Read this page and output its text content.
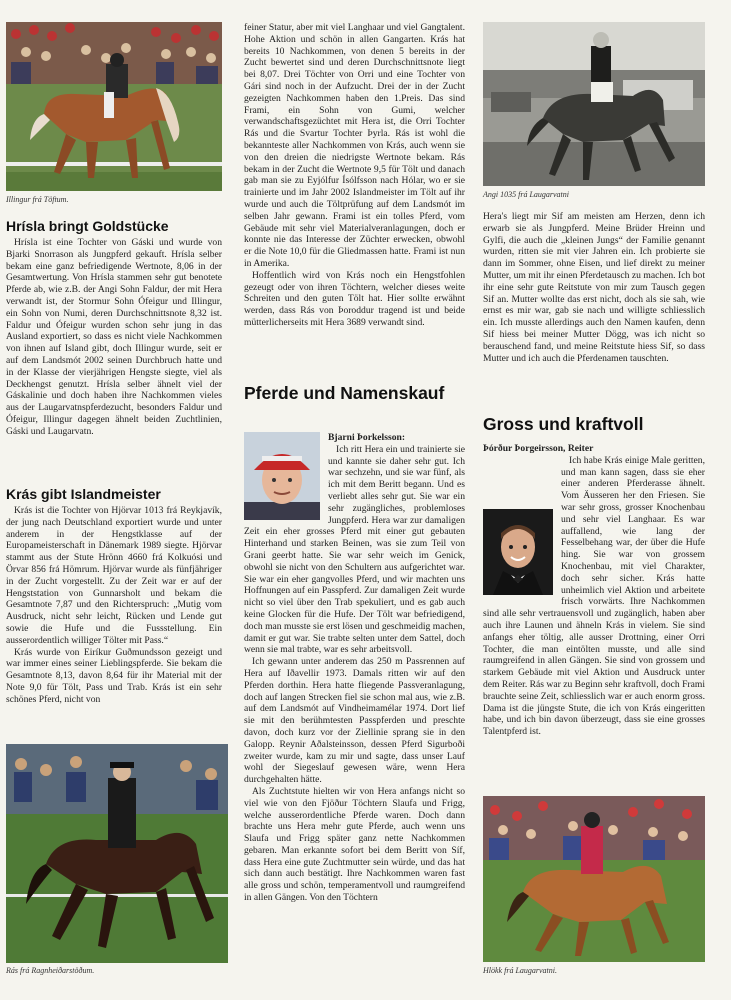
Illingur frá Töftum.

Hrísla bringt Goldstücke

Hrísla ist eine Tochter von Gáski und wurde von Bjarki Snorrason als Jungpferd gekauft. Hrísla selber bekam eine ganz befriedigende Wertnote, 8,06 in der Gesamtwertung. Von Hrísla stammen sehr gut benotete Pferde ab, wie z.B. der Angi Sohn Faldur, der mit Hera verwandt ist, der Stormur Sohn Ófeigur und Illingur, ein Sohn von Numi, deren Durchschnittsnote 8,32 ist. Faldur und Ófeigur wurden schon sehr jung in das Ausland exportiert, so dass es nicht viele Nachkommen von ihnen auf Island gibt, doch Illingur wurde, seit er auf dem Landsmót 2002 seinen Durchbruch hatte und in der Klasse der vierjährigen Hengste siegte, viel als Deckhengst genutzt. Hrísla selber ähnelt viel der Gáskalinie und doch haben ihre Nachkommen vieles aus der Laugarvatnspferdezucht, besonders Faldur und Ófeigur, Illingur dagegen ähnelt beiden Zuchtlinien, Gáski und Laugarvatn.

Krás gibt Islandmeister

Krás ist die Tochter von Hjörvar 1013 frá Reykjavík, der jung nach Deutschland exportiert wurde und unter anderem in der Hengstklasse auf der Europameisterschaft in Dänemark 1989 siegte. Hjörvar stammt aus der Stute Hrönn 4660 frá Kolkuósi und Örvar 856 frá Hömrum. Hjörvar wurde als fünfjähriger in der Zucht vorgestellt. Zu der Zeit war er auf der Hengststation von Gunnarsholt und bekam die Gesamtnote 7,87 und den Richterspruch: „Mutig vom Ausdruck, nicht sehr leicht, Rücken und Lende gut sowie die Hufe und die Fussstellung. Ein ausserordentlich williger Tölter mit Pass.“

Krás wurde von Eiríkur Guðmundsson gezeigt und war immer eines seiner Lieblingspferde. Sie bekam die Gesamtnote 8,13, davon 8,64 für ihr Material mit der Note 9,0 für Tölt, Pass und Trab. Krás ist ein sehr schönes Pferd, nicht von

Rás frá Ragnheiðarstöðum.

feiner Statur, aber mit viel Langhaar und viel Gangtalent. Hohe Aktion und schön in allen Gangarten. Krás hat bereits 10 Nachkommen, von denen 5 bereits in der Zucht bewertet sind und deren Durchschnittsnote liegt bei 8,07. Drei Töchter von Orri und eine Tochter von Gári sind noch in der Aufzucht. Drei der in der Zucht gezeigten Nachkommen haben den 1.Preis. Das sind Frami, ein Sohn von Gumi, welcher verwandschaftsgezüchtet mit Hera ist, die Orri Tochter Rás und die Svartur Tochter Þyrla. Rás ist wohl die bekannteste aller Nachkommen von Krás, auch wenn sie von den dreien die niedrigste Wertnote bekam. Rás bekam in der Zucht die Wertnote 9,5 für Tölt und danach gab man sie zu Eyjólfur Ísólfsson nach Hólar, wo er sie trainierte und im Jahr 2002 Islandmeister im Tölt auf ihr wurde und auch die Töltprüfung auf dem Landsmót im selben Jahr gewann. Frami ist ein tolles Pferd, vom Gebäude mit sehr viel Materialveranlagungen, doch er konnte nie das Interesse der Züchter erwecken, obwohl er die Note 10,0 für die Gliedmassen hatte. Frami ist nun in Amerika.

Hoffentlich wird von Krás noch ein Hengstfohlen gezeugt oder von ihren Töchtern, welcher dieses weite Schreiten und den guten Tölt hat. Hier sollte erwähnt werden, dass Rás von Þoroddur tragend ist und beide mütterlicherseits mit Hera 3689 verwandt sind.

Pferde und Namenskauf

Bjarni Þorkelsson:

Ich ritt Hera ein und trainierte sie und kannte sie daher sehr gut. Ich war sechzehn, und sie war fünf, als ich mit dem Beritt begann. Und es verliebt alles sehr gut. Sie war ein sehr zugängliches, problemloses Jungpferd. Hera war zur damaligen Zeit ein eher grosses Pferd mit einer gut gebauten Hinterhand und starken Beinen, was sie zum Teil von Grani geerbt hatte. Sie war sehr weich im Genick, obwohl sie nicht von den Schultern aus aufgerichtet war. Sie war ein eher gangvolles Pferd, und wir machten uns Hoffnungen auf ein Passpferd. Zur damaligen Zeit wurde nicht so viel über den Trab spekuliert, und es gab auch keine Glocken für die Hufe. Der Tölt war befriedigend, doch man musste sie erst lösen und geschmeidig machen, damit er gut war. Sie trabte selten unter dem Sattel, doch wenn sie mal trabte, war es sehr arbeitsvoll.

Ich gewann unter anderem das 250 m Passrennen auf Hera auf Iðavellir 1973. Damals ritten wir auf den Pferden dorthin. Hera hatte fliegende Passveranlagung, doch auf langen Strecken fiel sie schon mal aus, wie z.B. auf dem Landsmót auf Vindheimamélar 1974. Dort lief sie mit den berühmtesten Passpferden und preschte davon, doch kurz vor der Ziellinie sprang sie in den Galopp. Reynir Aðalsteinsson, dessen Pferd Sigurboði zweiter wurde, kam zu mir und sagte, dass unser Lauf wohl der Siegeslauf gewesen wäre, wenn Hera durchgehalten hätte.

Als Zuchtstute hielten wir von Hera anfangs nicht so viel wie von den Fjöður Töchtern Slaufa und Frigg, welche ausserordentliche Pferde waren. Doch dann brachte uns Hera mehr gute Pferde, auch wenn uns Slaufa und Frigg später ganz nette Nachkommen gebaren. Man erkannte sofort bei dem Beritt von Síf, dass Hera eine gute Zuchtmutter sein würde, und das hat sich dann auch bestätigt. Ihre Nachkommen waren fast alle gross und schön, temperamentvoll und raumgreifend in allen Gängen. Von den Töchtern

Angi 1035 frá Laugarvatni

Hera's liegt mir Sif am meisten am Herzen, denn ich erwarb sie als Jungpferd. Meine Brüder Hreinn und Gylfi, die auch die „kleinen Jungs“ der Familie genannt wurden, ritten sie mit vier Jahren ein. Ich probierte sie dann im Sommer, ohne Eisen, und lief direkt zu meiner Mutter, um mit ihr einen Pferdetausch zu machen. Ich bot ihr eine sehr gute Reitstute von mir zum Tausch gegen Sif an. Mutter wollte das erst nicht, doch als sie sah, wie ernst es mir war, gab sie nach und willigte schliesslich ein. Ich musste allerdings auch den Namen kaufen, denn Sif hiess bei meiner Mutter Dögg, was ich nicht so berauschend fand, und meine Reitstute hiess Sif, so dass Mutter und ich auch die Pferdenamen tauschten.

Gross und kraftvoll

Þórður Þorgeirsson, Reiter

Ich habe Krás einige Male geritten, und man kann sagen, dass sie eher einer anderen Pferderasse ähnelt. Vom Äusseren her den Friesen. Sie war sehr gross, grosser Knochenbau und sehr viel Langhaar. Es war auffallend, wie lang der Fesselbehang war, der über die Hufe hing. Sie war von grossem Knochenbau, mit viel Charakter, doch sehr sicher. Krás hatte unheimlich viel Aktion und arbeitete frisch vorwärts. Ihre Nachkommen sind alle sehr vertrauensvoll und zugänglich, haben aber auch ihre Launen und ähneln Krás in vielem. Sie sind anfangs eher töltig, alle ausser Drottning, einer Orri Tochter, die man eintölten musste, und alle sind raumgreifend in allen Gängen. Sie sind von grossem und starkem Gebäude mit viel Aktion und Ausdruck unter dem Reiter. Rás war zu Beginn sehr kraftvoll, doch Frami brauchte seine Zeit, schliesslich war er auch enorm gross. Dama ist die jüngste Stute, die ich von Krás eingeritten habe, und ich bin davon überzeugt, dass sie eine grosses Talentpferd ist.

Hlökk frá Laugarvatni.
